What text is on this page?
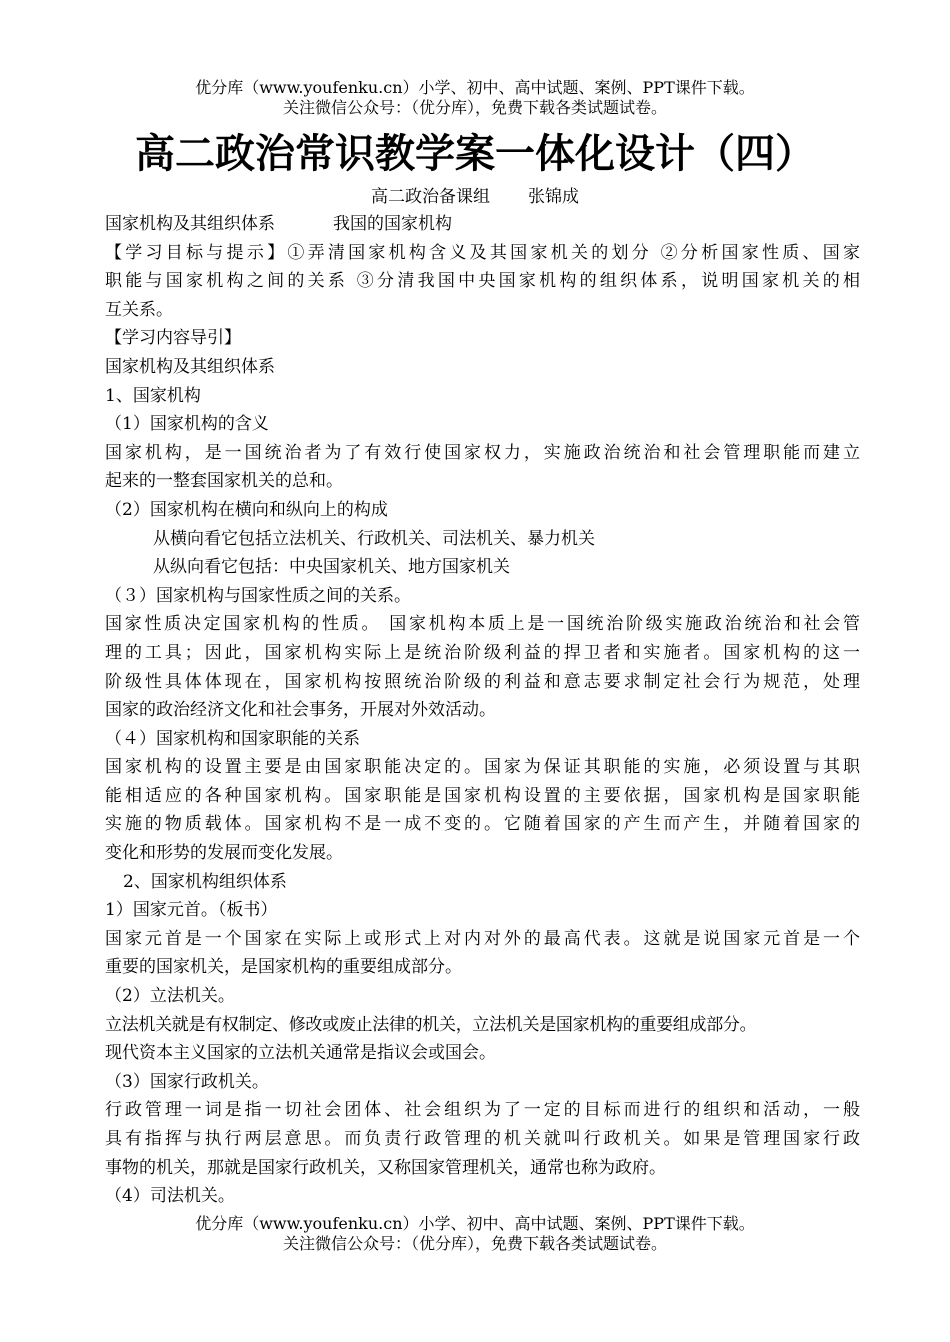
优分库（www.youfenku.cn）小学、初中、高中试题、案例、PPT课件下载。
关注微信公众号：（优分库），免费下载各类试题试卷。
高二政治常识教学案一体化设计（四）
高二政治备课组 张锦成

国家机构及其组织体系	我国的国家机构

【学习目标与提示】①弄清国家机构含义及其国家机关的划分 ②分析国家性质、国家

职能与国家机构之间的关系 ③分清我国中央国家机构的组织体系，说明国家机关的相

互关系。

【学习内容导引】

国家机构及其组织体系

1、国家机构

（1）国家机构的含义

国家机构，是一国统治者为了有效行使国家权力，实施政治统治和社会管理职能而建立

起来的一整套国家机关的总和。

（2）国家机构在横向和纵向上的构成

从横向看它包括立法机关、行政机关、司法机关、暴力机关

从纵向看它包括：中央国家机关、地方国家机关

（３）国家机构与国家性质之间的关系。

国家性质决定国家机构的性质。 国家机构本质上是一国统治阶级实施政治统治和社会管

理的工具；因此，国家机构实际上是统治阶级利益的捍卫者和实施者。国家机构的这一

阶级性具体体现在，国家机构按照统治阶级的利益和意志要求制定社会行为规范，处理

国家的政治经济文化和社会事务，开展对外效活动。

（４）国家机构和国家职能的关系

国家机构的设置主要是由国家职能决定的。国家为保证其职能的实施，必须设置与其职

能相适应的各种国家机构。国家职能是国家机构设置的主要依据，国家机构是国家职能

实施的物质载体。国家机构不是一成不变的。它随着国家的产生而产生，并随着国家的

变化和形势的发展而变化发展。

2、国家机构组织体系

1）国家元首。（板书）

国家元首是一个国家在实际上或形式上对内对外的最高代表。这就是说国家元首是一个

重要的国家机关，是国家机构的重要组成部分。

（2）立法机关。

立法机关就是有权制定、修改或废止法律的机关，立法机关是国家机构的重要组成部分。

现代资本主义国家的立法机关通常是指议会或国会。

（3）国家行政机关。

行政管理一词是指一切社会团体、社会组织为了一定的目标而进行的组织和活动，一般

具有指挥与执行两层意思。而负责行政管理的机关就叫行政机关。如果是管理国家行政

事物的机关，那就是国家行政机关，又称国家管理机关，通常也称为政府。

（4）司法机关。

优分库（www.youfenku.cn）小学、初中、高中试题、案例、PPT课件下载。
关注微信公众号：（优分库），免费下载各类试题试卷。
